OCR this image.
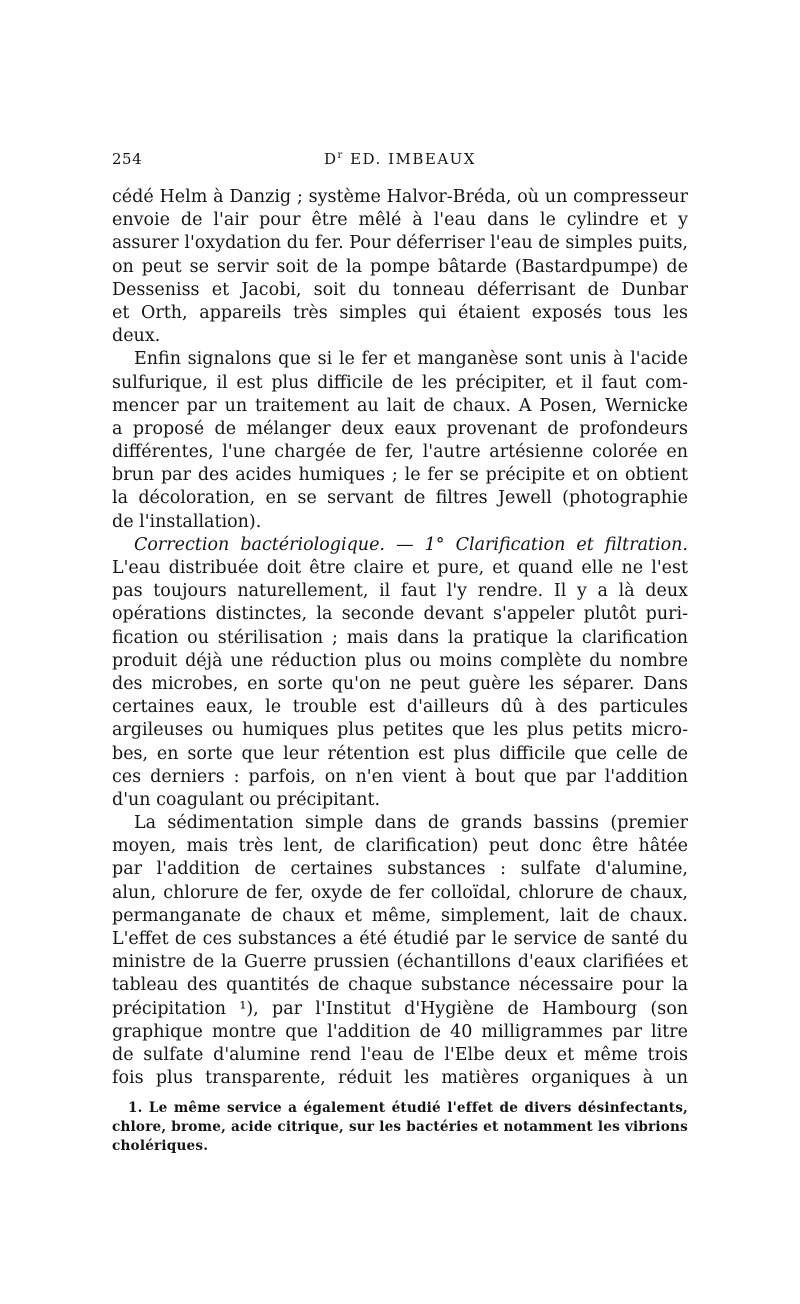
254	$D^r$ ED. IMBEAUX
cédé Helm à Danzig ; système Halvor-Bréda, où un compresseur
envoie de l'air pour être mêlé à l'eau dans le cylindre et y
assurer l'oxydation du fer. Pour déferriser l'eau de simples puits,
on peut se servir soit de la pompe bâtarde (Bastardpumpe) de
Desseniss et Jacobi, soit du tonneau déferrisant de Dunbar
et Orth, appareils très simples qui étaient exposés tous les
deux.
Enfin signalons que si le fer et manganèse sont unis à l'acide
sulfurique, il est plus difficile de les précipiter, et il faut com-
mencer par un traitement au lait de chaux. A Posen, Wernicke
a proposé de mélanger deux eaux provenant de profondeurs
différentes, l'une chargée de fer, l'autre artésienne colorée en
brun par des acides humiques ; le fer se précipite et on obtient
la décoloration, en se servant de filtres Jewell (photographie
de l'installation).
Correction bactériologique. — 1° Clarification et filtration.
L'eau distribuée doit être claire et pure, et quand elle ne l'est
pas toujours naturellement, il faut l'y rendre. Il y a là deux
opérations distinctes, la seconde devant s'appeler plutôt puri-
fication ou stérilisation ; mais dans la pratique la clarification
produit déjà une réduction plus ou moins complète du nombre
des microbes, en sorte qu'on ne peut guère les séparer. Dans
certaines eaux, le trouble est d'ailleurs dû à des particules
argileuses ou humiques plus petites que les plus petits micro-
bes, en sorte que leur rétention est plus difficile que celle de
ces derniers : parfois, on n'en vient à bout que par l'addition
d'un coagulant ou précipitant.
La sédimentation simple dans de grands bassins (premier
moyen, mais très lent, de clarification) peut donc être hâtée
par l'addition de certaines substances : sulfate d'alumine,
alun, chlorure de fer, oxyde de fer colloïdal, chlorure de chaux,
permanganate de chaux et même, simplement, lait de chaux.
L'effet de ces substances a été étudié par le service de santé du
ministre de la Guerre prussien (échantillons d'eaux clarifiées et
tableau des quantités de chaque substance nécessaire pour la
précipitation ¹), par l'Institut d'Hygiène de Hambourg (son
graphique montre que l'addition de 40 milligrammes par litre
de sulfate d'alumine rend l'eau de l'Elbe deux et même trois
fois plus transparente, réduit les matières organiques à un
1. Le même service a également étudié l'effet de divers désinfectants,
chlore, brome, acide citrique, sur les bactéries et notamment les vibrions
cholériques.
